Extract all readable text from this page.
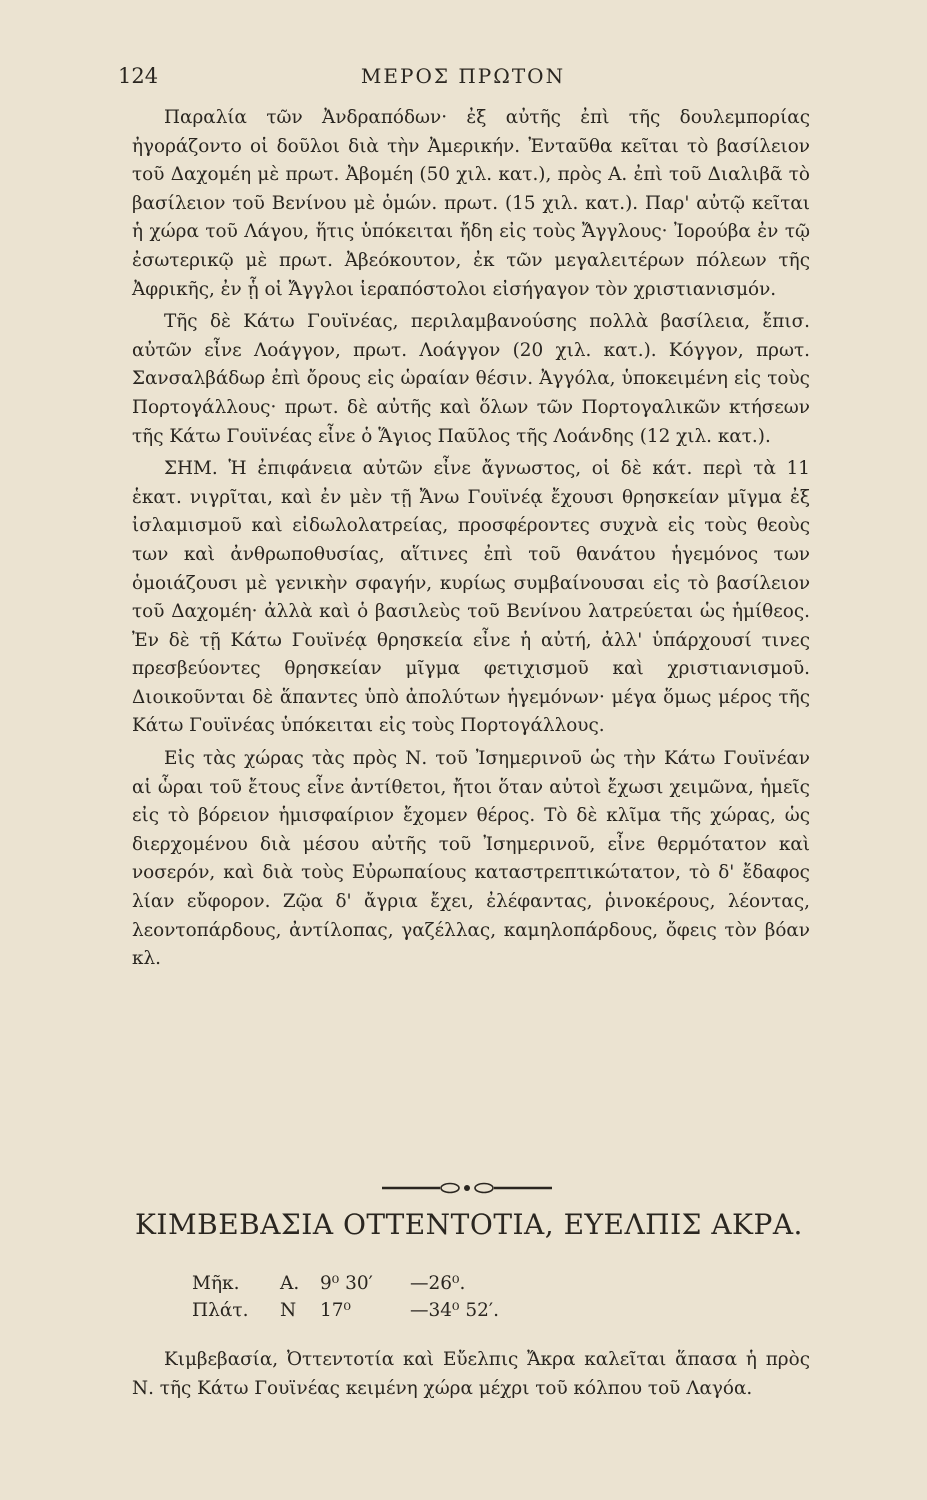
124	ΜΕΡΟΣ ΠΡΩΤΟΝ

Παραλία τῶν Ἀνδραπόδων· ἐξ αὐτῆς ἐπὶ τῆς δουλεμπορίας ἠγοράζοντο οἱ δοῦλοι διὰ τὴν Ἀμερικήν. Ἐνταῦθα κεῖται τὸ βασίλειον τοῦ Δαχομέη μὲ πρωτ. Ἀβομέη (50 χιλ. κατ.), πρὸς Α. ἐπὶ τοῦ Διαλιβᾶ τὸ βασίλειον τοῦ Βενίνου μὲ ὁμών. πρωτ. (15 χιλ. κατ.). Παρ' αὐτῷ κεῖται ἡ χώρα τοῦ Λάγου, ἥτις ὑπόκειται ἤδη εἰς τοὺς Ἄγγλους· Ἰορούβα ἐν τῷ ἐσωτερικῷ μὲ πρωτ. Ἀβεόκουτον, ἐκ τῶν μεγαλειτέρων πόλεων τῆς Ἀφρικῆς, ἐν ᾗ οἱ Ἄγγλοι ἱεραπόστολοι εἰσήγαγον τὸν χριστιανισμόν.

Τῆς δὲ Κάτω Γουϊνέας, περιλαμβανούσης πολλὰ βασίλεια, ἔπισ. αὐτῶν εἶνε Λοάγγον, πρωτ. Λοάγγον (20 χιλ. κατ.). Κόγγον, πρωτ. Σανσαλβάδωρ ἐπὶ ὄρους εἰς ὡραίαν θέσιν. Ἀγγόλα, ὑποκειμένη εἰς τοὺς Πορτογάλλους· πρωτ. δὲ αὐτῆς καὶ ὅλων τῶν Πορτογαλικῶν κτήσεων τῆς Κάτω Γουϊνέας εἶνε ὁ Ἅγιος Παῦλος τῆς Λοάνδης (12 χιλ. κατ.).

ΣΗΜ. Ἡ ἐπιφάνεια αὐτῶν εἶνε ἄγνωστος, οἱ δὲ κάτ. περὶ τὰ 11 ἑκατ. νιγρῖται, καὶ ἐν μὲν τῇ Ἄνω Γουϊνέᾳ ἔχουσι θρησκείαν μῖγμα ἐξ ἰσλαμισμοῦ καὶ εἰδωλολατρείας, προσφέροντες συχνὰ εἰς τοὺς θεοὺς των καὶ ἀνθρωποθυσίας, αἵτινες ἐπὶ τοῦ θανάτου ἡγεμόνος των ὁμοιάζουσι μὲ γενικὴν σφαγήν, κυρίως συμβαίνουσαι εἰς τὸ βασίλειον τοῦ Δαχομέη· ἀλλὰ καὶ ὁ βασιλεὺς τοῦ Βενίνου λατρεύεται ὡς ἡμίθεος. Ἐν δὲ τῇ Κάτω Γουϊνέᾳ θρησκεία εἶνε ἡ αὐτή, ἀλλ' ὑπάρχουσί τινες πρεσβεύοντες θρησκείαν μῖγμα φετιχισμοῦ καὶ χριστιανισμοῦ. Διοικοῦνται δὲ ἅπαντες ὑπὸ ἀπολύτων ἡγεμόνων· μέγα ὅμως μέρος τῆς Κάτω Γουϊνέας ὑπόκειται εἰς τοὺς Πορτογάλλους.

Εἰς τὰς χώρας τὰς πρὸς Ν. τοῦ Ἰσημερινοῦ ὡς τὴν Κάτω Γουϊνέαν αἱ ὧραι τοῦ ἔτους εἶνε ἀντίθετοι, ἤτοι ὅταν αὐτοὶ ἔχωσι χειμῶνα, ἡμεῖς εἰς τὸ βόρειον ἡμισφαίριον ἔχομεν θέρος. Τὸ δὲ κλῖμα τῆς χώρας, ὡς διερχομένου διὰ μέσου αὐτῆς τοῦ Ἰσημερινοῦ, εἶνε θερμότατον καὶ νοσερόν, καὶ διὰ τοὺς Εὐρωπαίους καταστρεπτικώτατον, τὸ δ' ἔδαφος λίαν εὔφορον. Ζῷα δ' ἄγρια ἔχει, ἐλέφαντας, ῥινοκέρους, λέοντας, λεοντοπάρδους, ἀντίλοπας, γαζέλλας, καμηλοπάρδους, ὄφεις τὸν βόαν κλ.

ΚΙΜΒΕΒΑΣΙΑ ΟΤΤΕΝΤΟΤΙΑ, ΕΥΕΛΠΙΣ ΑΚΡΑ.
Μῆκ.	Α.	9⁰ 30′	—26⁰.
Πλάτ.	Ν	17⁰	—34⁰ 52′.

Κιμβεβασία, Ὀττεντοτία καὶ Εὔελπις Ἄκρα καλεῖται ἅπασα ἡ πρὸς Ν. τῆς Κάτω Γουϊνέας κειμένη χώρα μέχρι τοῦ κόλπου τοῦ Λαγόα.
